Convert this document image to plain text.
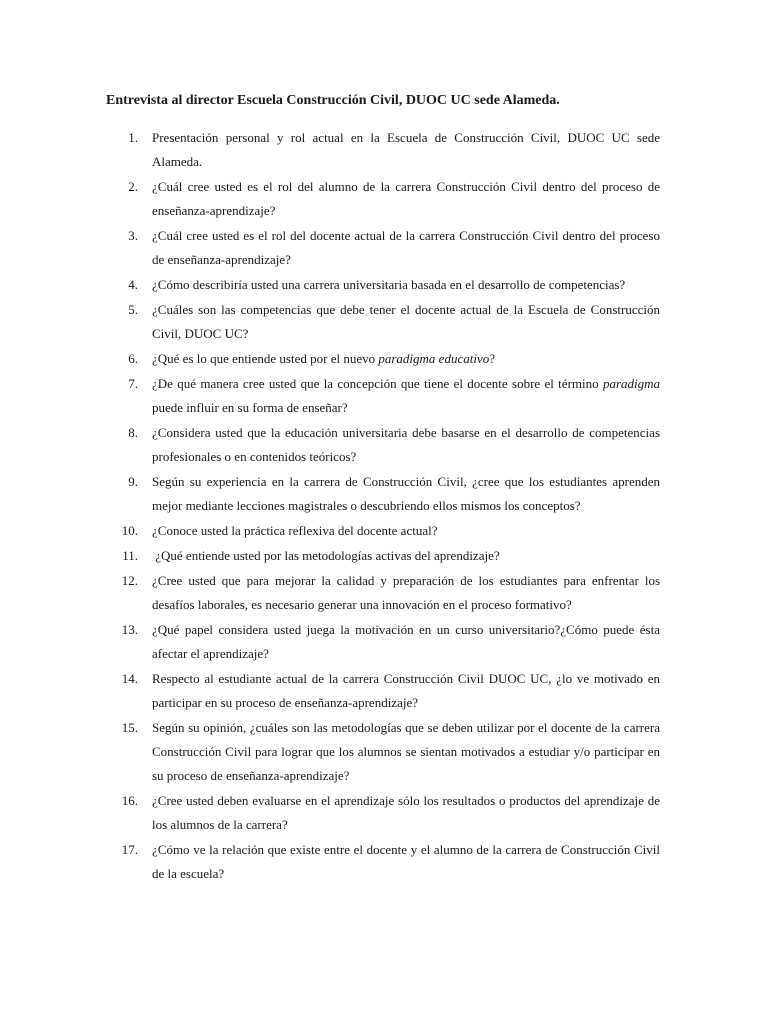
Entrevista al director Escuela Construcción Civil, DUOC UC sede Alameda.
1. Presentación personal y rol actual en la Escuela de Construcción Civil, DUOC UC sede Alameda.
2. ¿Cuál cree usted es el rol del alumno de la carrera Construcción Civil dentro del proceso de enseñanza-aprendizaje?
3. ¿Cuál cree usted es el rol del docente actual de la carrera Construcción Civil dentro del proceso de enseñanza-aprendizaje?
4. ¿Cómo describiría usted una carrera universitaria basada en el desarrollo de competencias?
5. ¿Cuáles son las competencias que debe tener el docente actual de la Escuela de Construcción Civil, DUOC UC?
6. ¿Qué es lo que entiende usted por el nuevo paradigma educativo?
7. ¿De qué manera cree usted que la concepción que tiene el docente sobre el término paradigma puede influir en su forma de enseñar?
8. ¿Considera usted que la educación universitaria debe basarse en el desarrollo de competencias profesionales o en contenidos teóricos?
9. Según su experiencia en la carrera de Construcción Civil, ¿cree que los estudiantes aprenden mejor mediante lecciones magistrales o descubriendo ellos mismos los conceptos?
10. ¿Conoce usted la práctica reflexiva del docente actual?
11. ¿Qué entiende usted por las metodologías activas del aprendizaje?
12. ¿Cree usted que para mejorar la calidad y preparación de los estudiantes para enfrentar los desafíos laborales, es necesario generar una innovación en el proceso formativo?
13. ¿Qué papel considera usted juega la motivación en un curso universitario?¿Cómo puede ésta afectar el aprendizaje?
14. Respecto al estudiante actual de la carrera Construcción Civil DUOC UC, ¿lo ve motivado en participar en su proceso de enseñanza-aprendizaje?
15. Según su opinión, ¿cuáles son las metodologías que se deben utilizar por el docente de la carrera Construcción Civil para lograr que los alumnos se sientan motivados a estudiar y/o participar en su proceso de enseñanza-aprendizaje?
16. ¿Cree usted deben evaluarse en el aprendizaje sólo los resultados o productos del aprendizaje de los alumnos de la carrera?
17. ¿Cómo ve la relación que existe entre el docente y el alumno de la carrera de Construcción Civil de la escuela?
